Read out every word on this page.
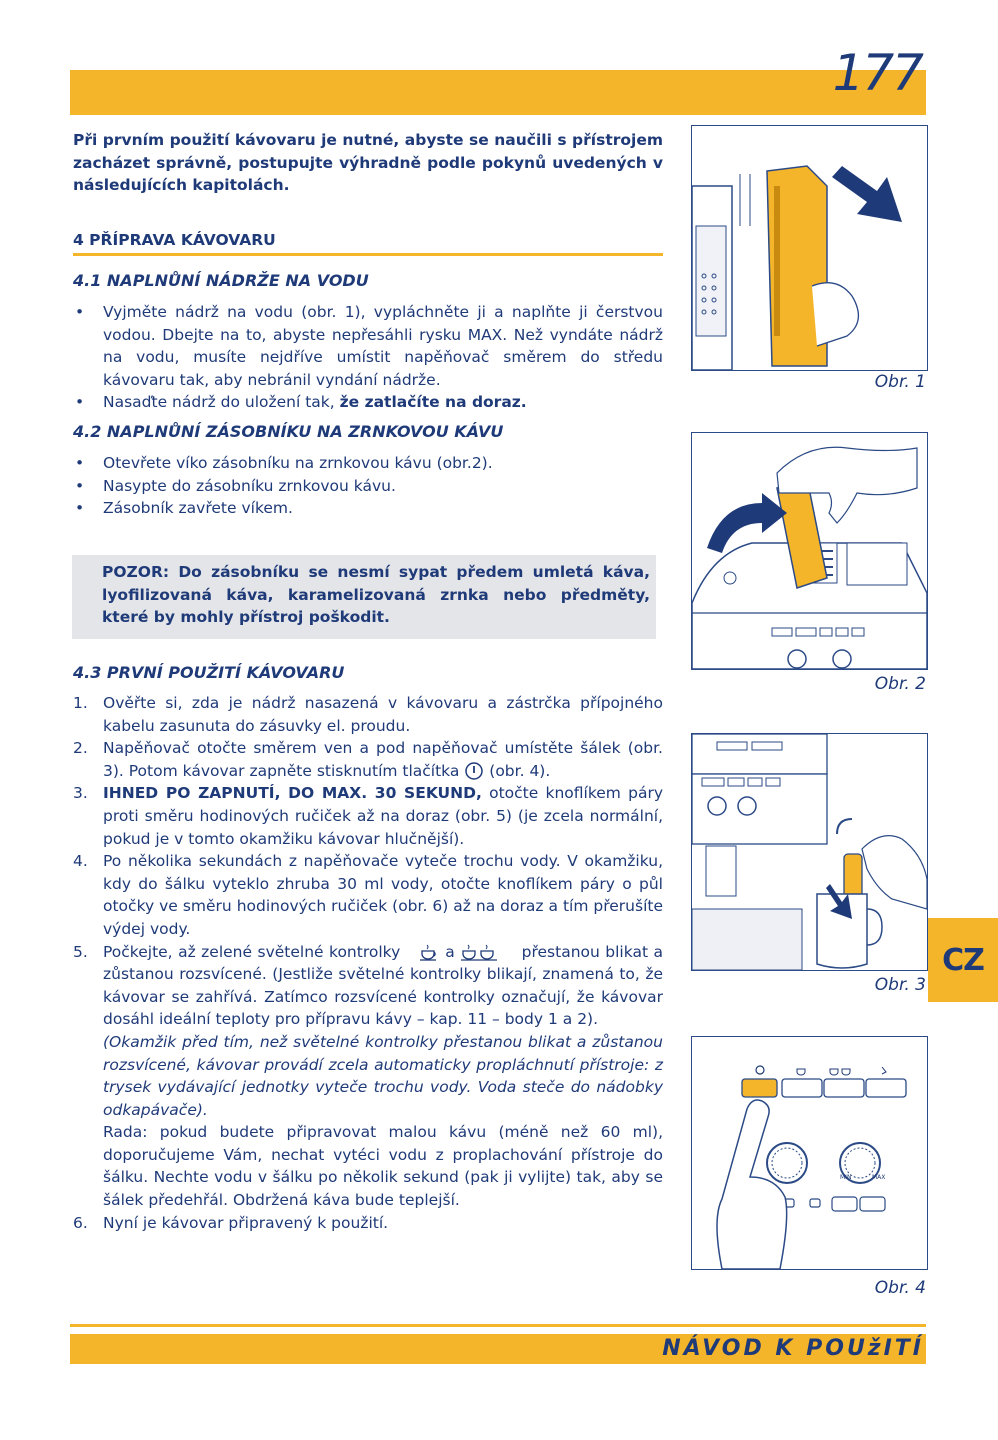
177

Při prvním použití kávovaru je nutné, abyste se naučili s přístrojem zacházet správně, postupujte výhradně podle pokynů uvedených v následujících kapitolách.

4 PŘÍPRAVA KÁVOVARU
4.1 NAPLNŮNÍ NÁDRŽE NA VODU
• Vyjměte nádrž na vodu (obr. 1), vypláchněte ji a naplňte ji čerstvou vodou. Dbejte na to, abyste nepřesáhli rysku MAX. Než vyndáte nádrž na vodu, musíte nejdříve umístit napěňovač směrem do středu kávovaru tak, aby nebránil vyndání nádrže.
• Nasaďte nádrž do uložení tak, že zatlačíte na doraz.
4.2 NAPLNŮNÍ ZÁSOBNÍKU NA ZRNKOVOU KÁVU
• Otevřete víko zásobníku na zrnkovou kávu (obr.2).
• Nasypte do zásobníku zrnkovou kávu.
• Zásobník zavřete víkem.
POZOR: Do zásobníku se nesmí sypat předem umletá káva, lyofilizovaná káva, karamelizovaná zrnka nebo předměty, které by mohly přístroj poškodit.
4.3 PRVNÍ POUŽITÍ KÁVOVARU
1. Ověřte si, zda je nádrž nasazená v kávovaru a zástrčka přípojného kabelu zasunuta do zásuvky el. proudu.
2. Napěňovač otočte směrem ven a pod napěňovač umístěte šálek (obr. 3). Potom kávovar zapněte stisknutím tlačítka (obr. 4).
3. IHNED PO ZAPNUTÍ, DO MAX. 30 SEKUND, otočte knoflíkem páry proti směru hodinových ručiček až na doraz (obr. 5) (je zcela normální, pokud je v tomto okamžiku kávovar hlučnější).
4. Po několika sekundách z napěňovače vyteče trochu vody. V okamžiku, kdy do šálku vyteklo zhruba 30 ml vody, otočte knoflíkem páry o půl otočky ve směru hodinových ručiček (obr. 6) až na doraz a tím přerušíte výdej vody.
5. Počkejte, až zelené světelné kontrolky	a	přestanou blikat a zůstanou rozsvícené. (Jestliže světelné kontrolky blikají, znamená to, že kávovar se zahřívá. Zatímco rozsvícené kontrolky označují, že kávovar dosáhl ideální teploty pro přípravu kávy – kap. 11 – body 1 a 2).
(Okamžik před tím, než světelné kontrolky přestanou blikat a zůstanou rozsvícené, kávovar provádí zcela automaticky propláchnutí přístroje: z trysek vydávající jednotky vyteče trochu vody. Voda steče do nádobky odkapávače).
Rada: pokud budete připravovat malou kávu (méně než 60 ml), doporučujeme Vám, nechat vytéci vodu z proplachování přístroje do šálku. Nechte vodu v šálku po několik sekund (pak ji vylijte) tak, aby se šálek předehřál. Obdržená káva bude teplejší.
6. Nyní je kávovar připravený k použití.
Obr. 1
Obr. 2
Obr. 3
MIN	MAX
Obr. 4
CZ
NÁVOD K POUžITÍ
